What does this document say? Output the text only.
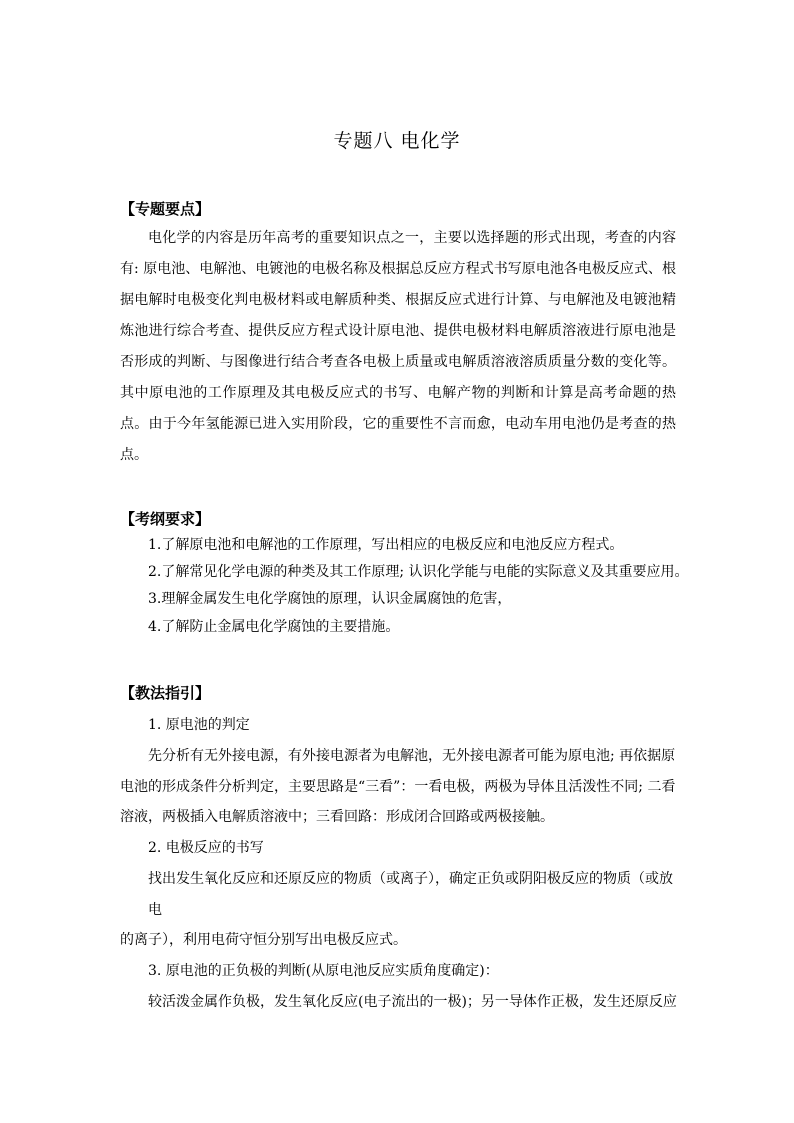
专题八 电化学
【专题要点】
电化学的内容是历年高考的重要知识点之一，主要以选择题的形式出现，考查的内容有: 原电池、电解池、电镀池的电极名称及根据总反应方程式书写原电池各电极反应式、根据电解时电极变化判电极材料或电解质种类、根据反应式进行计算、与电解池及电镀池精炼池进行综合考查、提供反应方程式设计原电池、提供电极材料电解质溶液进行原电池是否形成的判断、与图像进行结合考查各电极上质量或电解质溶液溶质质量分数的变化等。其中原电池的工作原理及其电极反应式的书写、电解产物的判断和计算是高考命题的热点。由于今年氢能源已进入实用阶段，它的重要性不言而愈，电动车用电池仍是考查的热点。
【考纲要求】
1.了解原电池和电解池的工作原理，写出相应的电极反应和电池反应方程式。
2.了解常见化学电源的种类及其工作原理; 认识化学能与电能的实际意义及其重要应用。
3.理解金属发生电化学腐蚀的原理，认识金属腐蚀的危害，
4.了解防止金属电化学腐蚀的主要措施。
【教法指引】
1. 原电池的判定
先分析有无外接电源，有外接电源者为电解池，无外接电源者可能为原电池; 再依据原
电池的形成条件分析判定，主要思路是“三看”：一看电极，两极为导体且活泼性不同; 二看
溶液，两极插入电解质溶液中；三看回路：形成闭合回路或两极接触。
2. 电极反应的书写
找出发生氧化反应和还原反应的物质（或离子），确定正负或阴阳极反应的物质（或放
电
的离子），利用电荷守恒分别写出电极反应式。
3. 原电池的正负极的判断(从原电池反应实质角度确定)：
较活泼金属作负极，发生氧化反应(电子流出的一极)；另一导体作正极，发生还原反应
